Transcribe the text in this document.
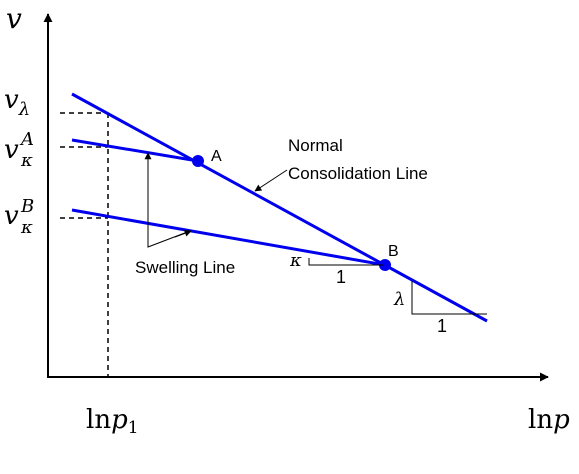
v
lnp
lnp1
$v_\lambda$
v A
κ
v B
κ
A
B
Normal
Consolidation Line
Swelling Line	κ
1
λ
1
